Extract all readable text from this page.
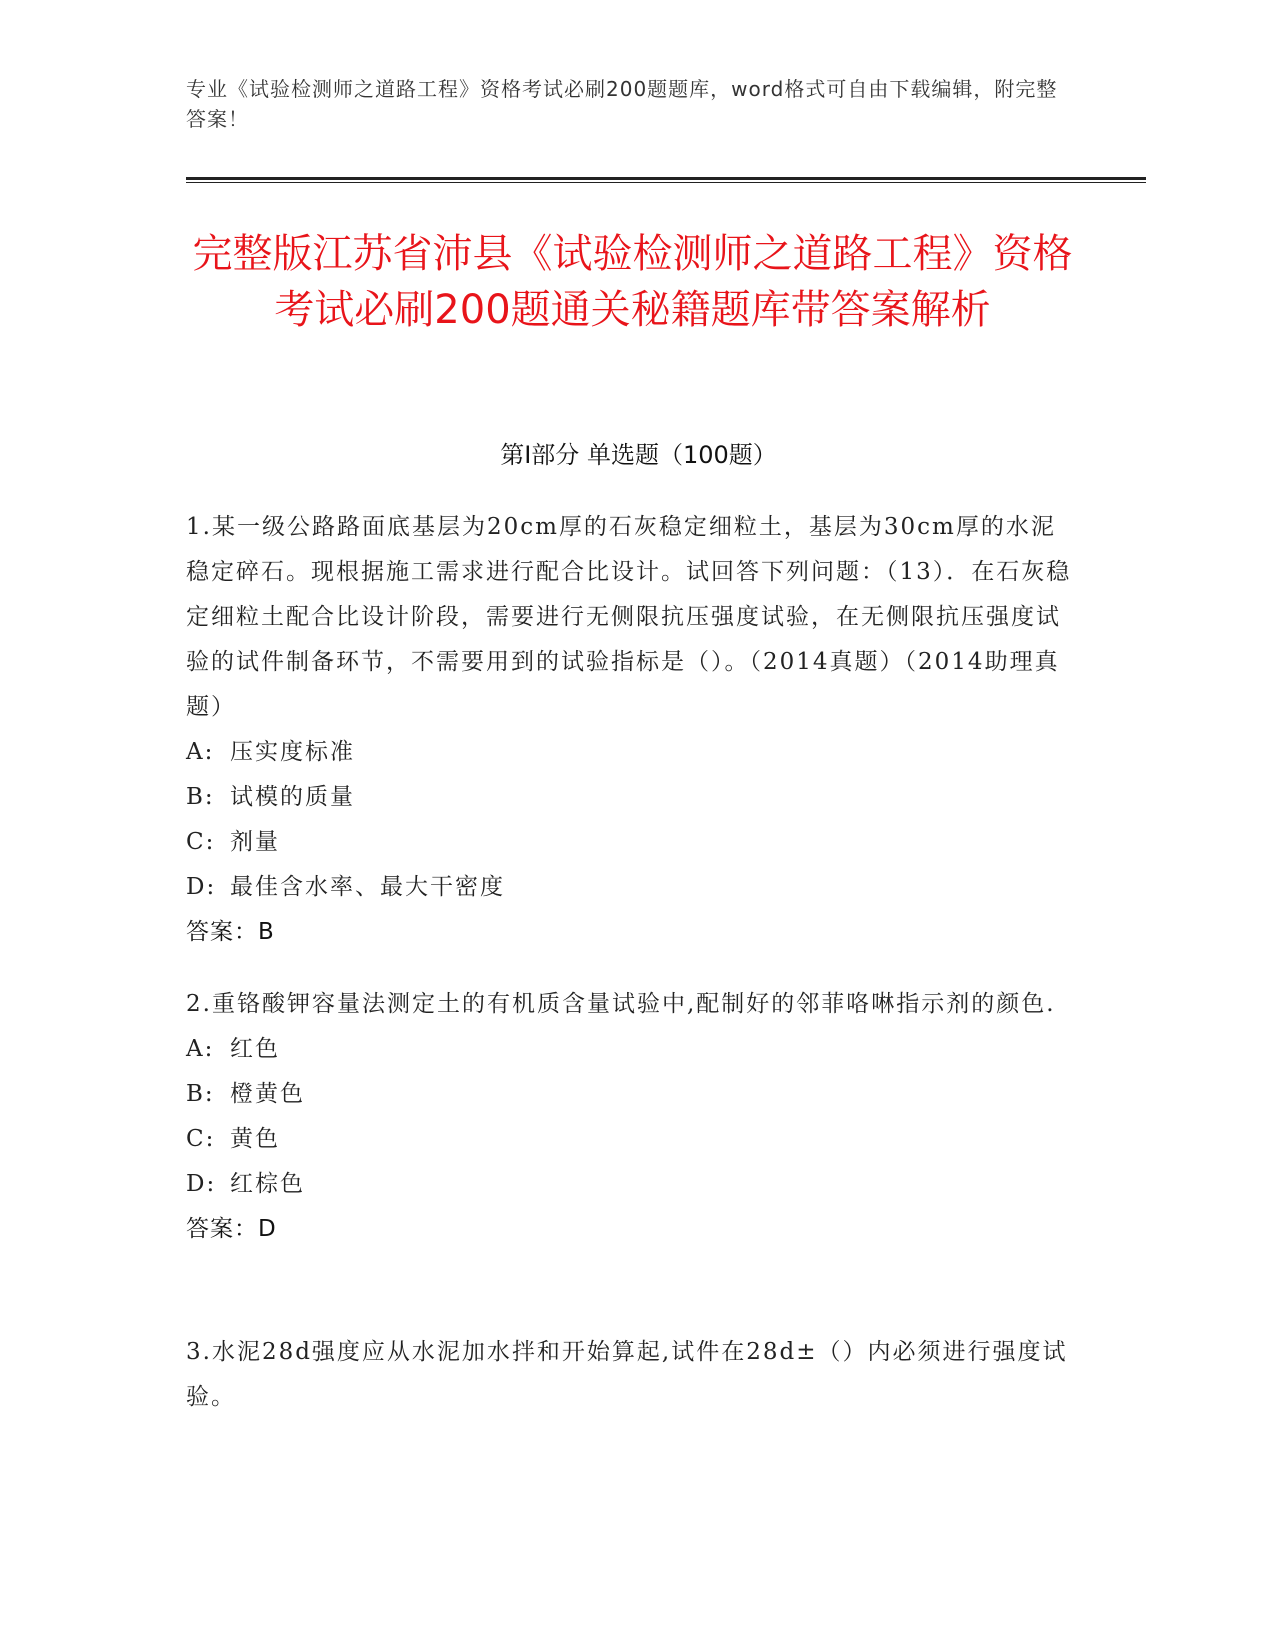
专业《试验检测师之道路工程》资格考试必刷200题题库，word格式可自由下载编辑，附完整答案！
完整版江苏省沛县《试验检测师之道路工程》资格考试必刷200题通关秘籍题库带答案解析
第Ⅰ部分 单选题（100题）

1.某一级公路路面底基层为20cm厚的石灰稳定细粒土，基层为30cm厚的水泥稳定碎石。现根据施工需求进行配合比设计。试回答下列问题：（13）．在石灰稳定细粒土配合比设计阶段，需要进行无侧限抗压强度试验，在无侧限抗压强度试验的试件制备环节，不需要用到的试验指标是（）。（2014真题）（2014助理真题）

A: 压实度标准

B: 试模的质量

C: 剂量

D: 最佳含水率、最大干密度

答案：B

2.重铬酸钾容量法测定土的有机质含量试验中,配制好的邻菲咯啉指示剂的颜色.

A: 红色

B: 橙黄色

C: 黄色

D: 红棕色

答案：D

3.水泥28d强度应从水泥加水拌和开始算起,试件在28d±（）内必须进行强度试验。
